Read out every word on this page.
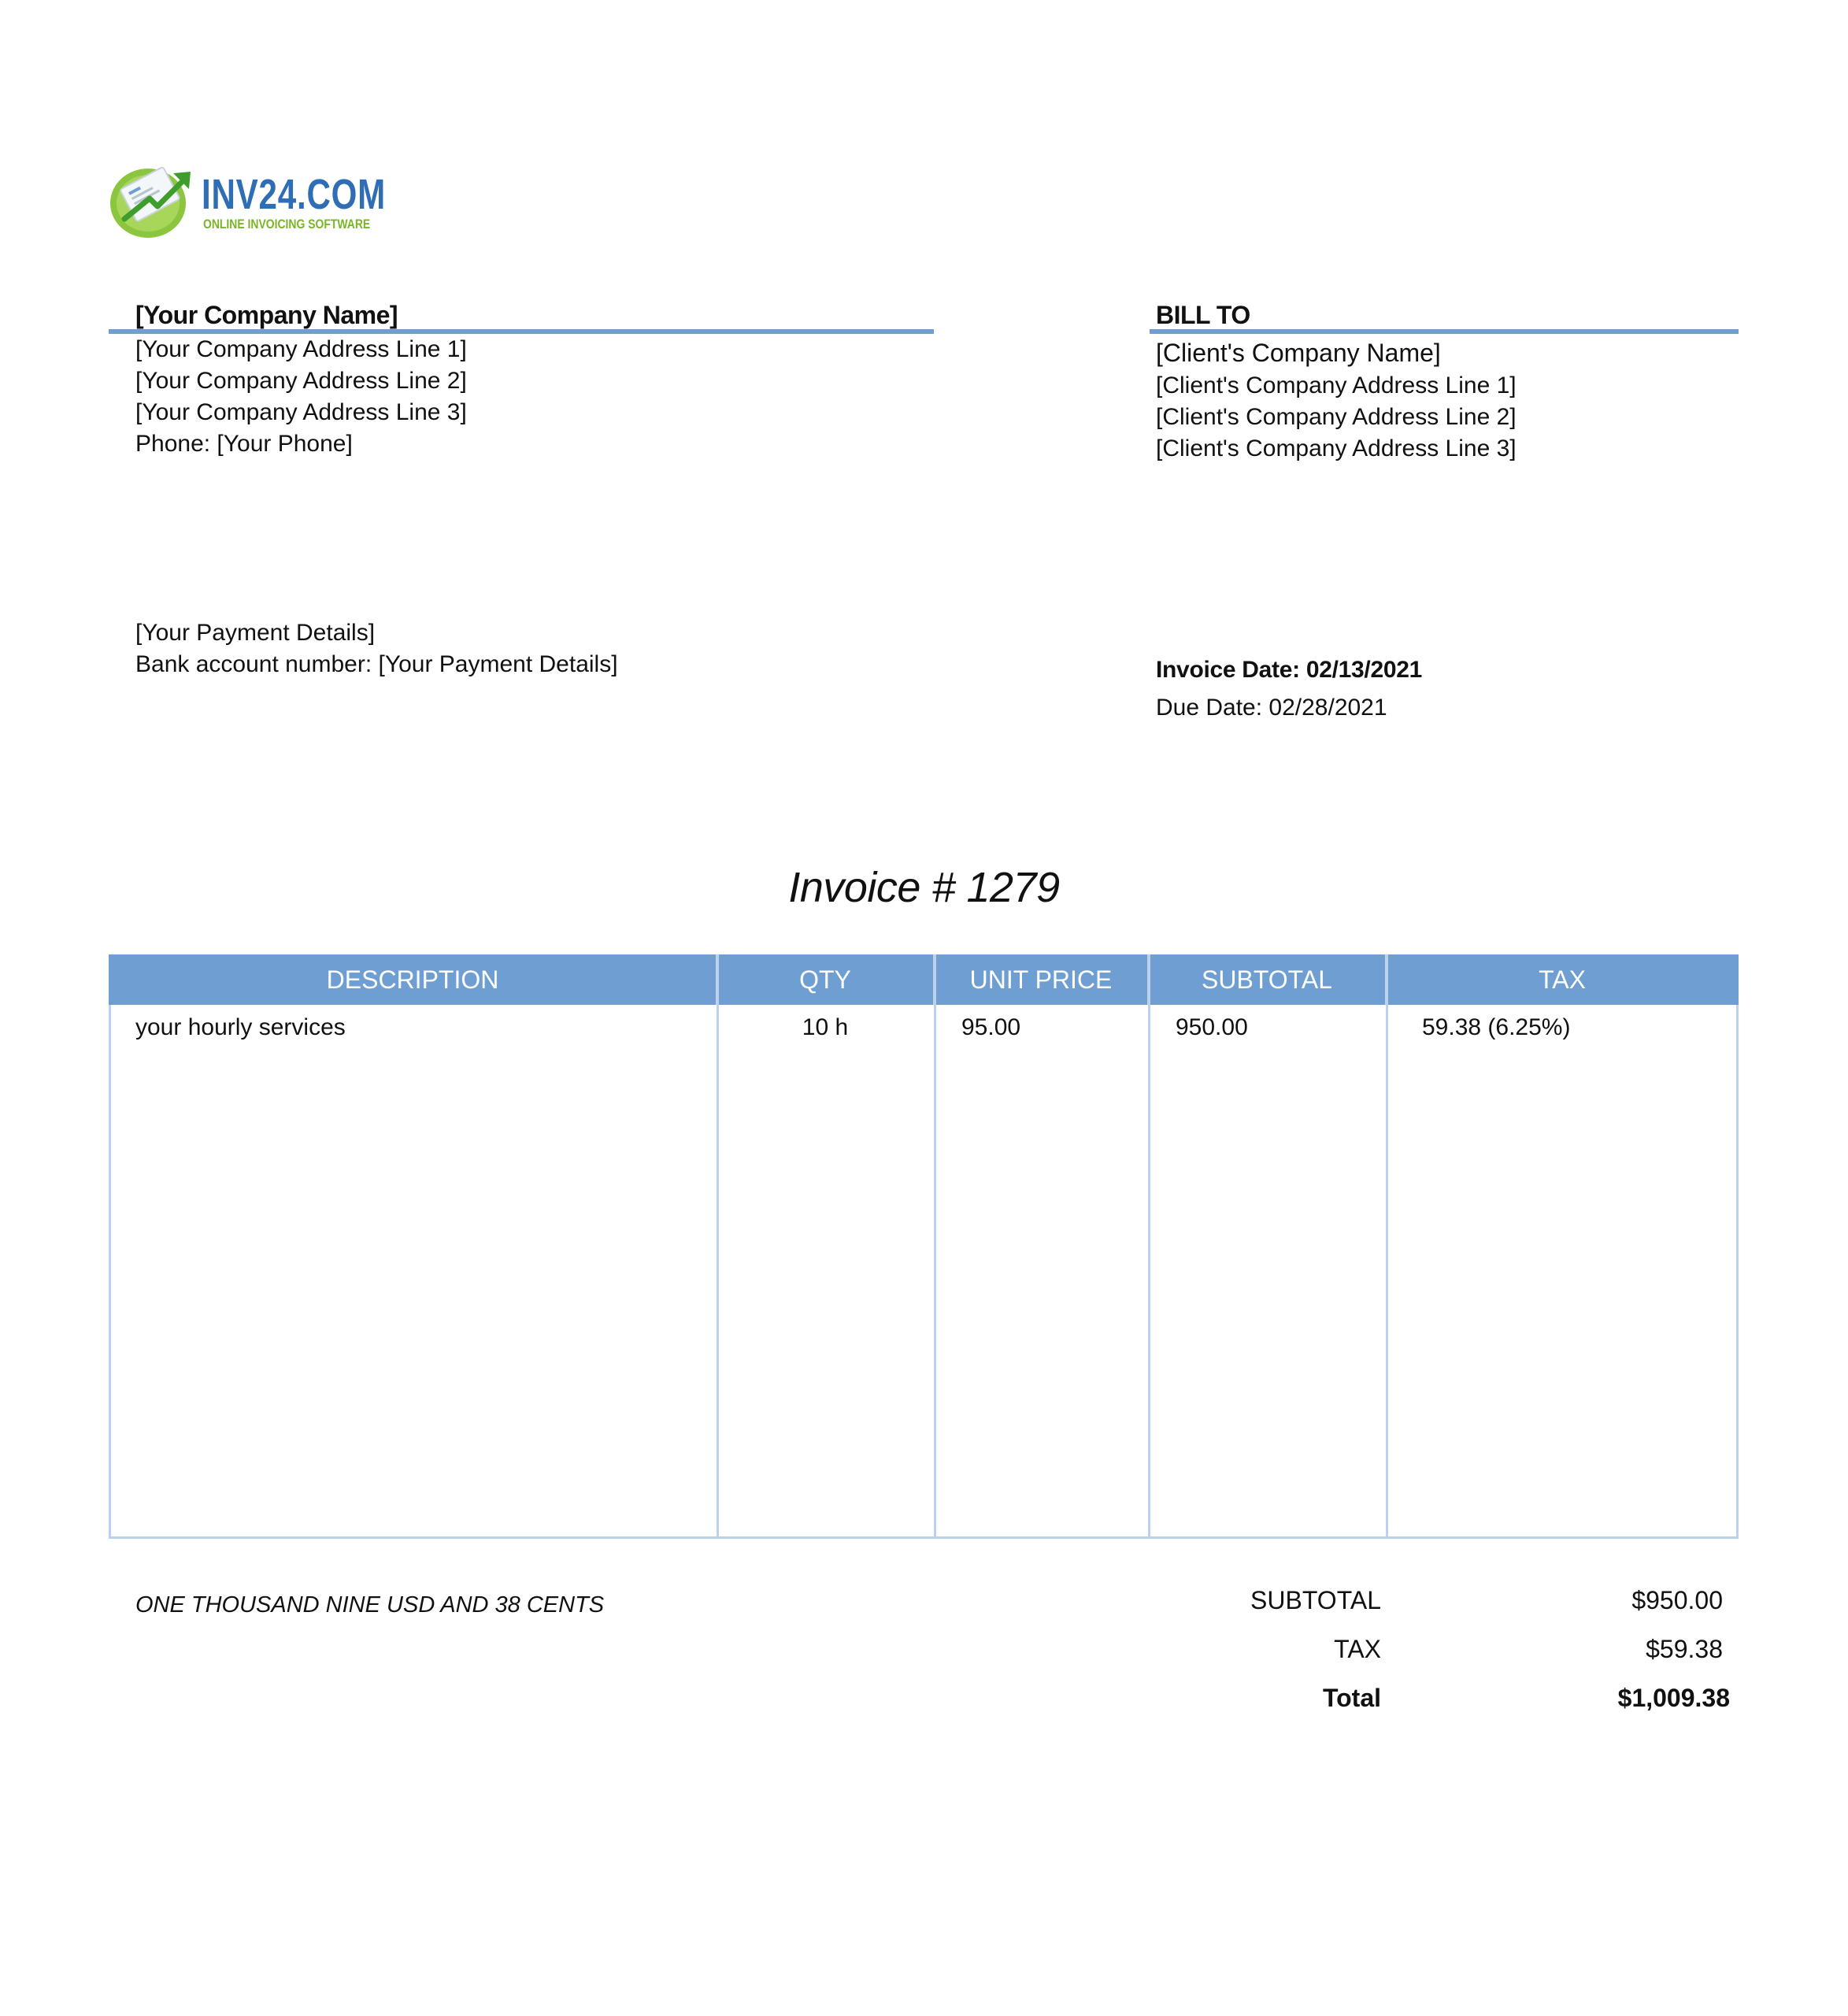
INV24.COM
ONLINE INVOICING SOFTWARE
[Your Company Name]
[Your Company Address Line 1]
[Your Company Address Line 2]
[Your Company Address Line 3]
Phone: [Your Phone]
BILL TO
[Client's Company Name]
[Client's Company Address Line 1]
[Client's Company Address Line 2]
[Client's Company Address Line 3]
[Your Payment Details]
Bank account number: [Your Payment Details]	Invoice Date: 02/13/2021
Due Date: 02/28/2021
Invoice # 1279
DESCRIPTION	QTY	UNIT PRICE	SUBTOTAL	TAX
your hourly services	10 h	95.00	950.00	59.38 (6.25%)
ONE THOUSAND NINE USD AND 38 CENTS	SUBTOTAL	$950.00
TAX	$59.38
Total	$1,009.38
